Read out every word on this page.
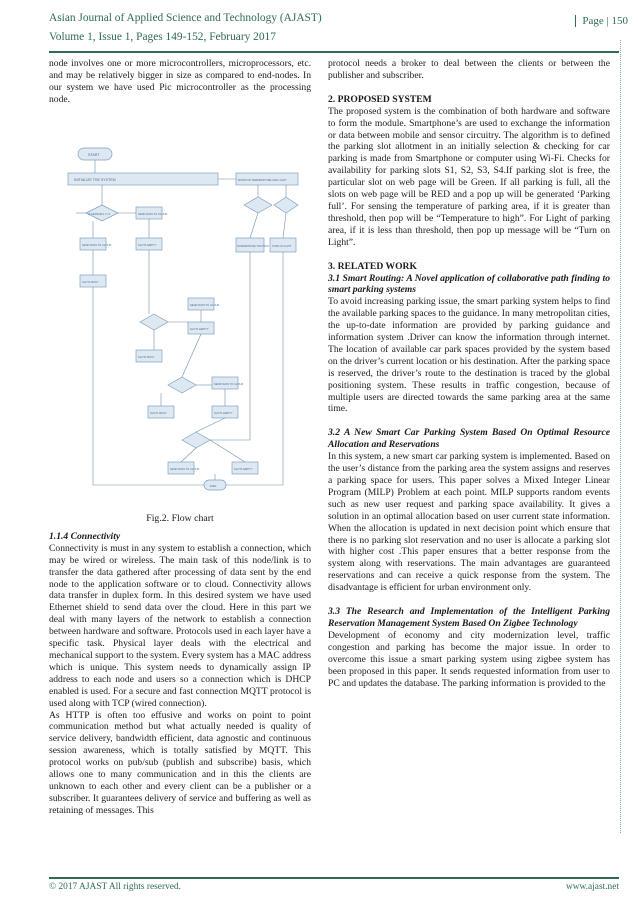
Asian Journal of Applied Science and Technology (AJAST)
Volume 1, Issue 1, Pages 149-152, February 2017
Page | 150

node involves one or more microcontrollers, microprocessors, etc. and may be relatively bigger in size as compared to end-nodes. In our system we have used Pic microcontroller as the processing node.

START
INITIALIZE THE SYSTEM	MONITOR TEMPERATURE AND LIGHT
IF SENSOR1 == 0	SEND DATA TO CLOUD
SEND DATA TO CLOUD	SLOT1 EMPTY
SLOT1 BUSY
SEND DATA TO CLOUD
SLOT1 EMPTY
SLOT1 BUSY
SEND DATA TO CLOUD
SLOT1 BUSY	SLOT1 EMPTY
SEND DATA TO CLOUD	SLOT1 EMPTY
TEMPERATURE TOO HIGH TURN ON LIGHT
END
Fig.2. Flow chart

1.1.4 Connectivity

Connectivity is must in any system to establish a connection, which may be wired or wireless. The main task of this node/link is to transfer the data gathered after processing of data sent by the end node to the application software or to cloud. Connectivity allows data transfer in duplex form. In this desired system we have used Ethernet shield to send data over the cloud. Here in this part we deal with many layers of the network to establish a connection between hardware and software. Protocols used in each layer have a specific task. Physical layer deals with the electrical and mechanical support to the system. Every system has a MAC address which is unique. This system needs to dynamically assign IP address to each node and users so a connection which is DHCP enabled is used. For a secure and fast connection MQTT protocol is used along with TCP (wired connection).

As HTTP is often too effusive and works on point to point communication method but what actually needed is quality of service delivery, bandwidth efficient, data agnostic and continuous session awareness, which is totally satisfied by MQTT. This protocol works on pub/sub (publish and subscribe) basis, which allows one to many communication and in this the clients are unknown to each other and every client can be a publisher or a subscriber. It guarantees delivery of service and buffering as well as retaining of messages. This

protocol needs a broker to deal between the clients or between the publisher and subscriber.

2. PROPOSED SYSTEM

The proposed system is the combination of both hardware and software to form the module. Smartphone’s are used to exchange the information or data between mobile and sensor circuitry. The algorithm is to defined the parking slot allotment in an initially selection & checking for car parking is made from Smartphone or computer using Wi-Fi. Checks for availability for parking slots S1, S2, S3, S4.If parking slot is free, the particular slot on web page will be Green. If all parking is full, all the slots on web page will be RED and a pop up will be generated ‘Parking full’. For sensing the temperature of parking area, if it is greater than threshold, then pop will be “Temperature to high”. For Light of parking area, if it is less than threshold, then pop up message will be “Turn on Light”.

3. RELATED WORK

3.1 Smart Routing: A Novel application of collaborative path finding to smart parking systems

To avoid increasing parking issue, the smart parking system helps to find the available parking spaces to the guidance. In many metropolitan cities, the up-to-date information are provided by parking guidance and information system .Driver can know the information through internet. The location of available car park spaces provided by the system based on the driver’s current location or his destination. After the parking space is reserved, the driver’s route to the destination is traced by the global positioning system. These results in traffic congestion, because of multiple users are directed towards the same parking area at the same time.

3.2 A New Smart Car Parking System Based On Optimal Resource Allocation and Reservations

In this system, a new smart car parking system is implemented. Based on the user’s distance from the parking area the system assigns and reserves a parking space for users. This paper solves a Mixed Integer Linear Program (MILP) Problem at each point. MILP supports random events such as new user request and parking space availability. It gives a solution in an optimal allocation based on user current state information. When the allocation is updated in next decision point which ensure that there is no parking slot reservation and no user is allocate a parking slot with higher cost .This paper ensures that a better response from the system along with reservations. The main advantages are guaranteed reservations and can receive a quick response from the system. The disadvantage is efficient for urban environment only.

3.3 The Research and Implementation of the Intelligent Parking Reservation Management System Based On Zigbee Technology

Development of economy and city modernization level, traffic congestion and parking has become the major issue. In order to overcome this issue a smart parking system using zigbee system has been proposed in this paper. It sends requested information from user to PC and updates the database. The parking information is provided to the

© 2017 AJAST All rights reserved.	www.ajast.net
